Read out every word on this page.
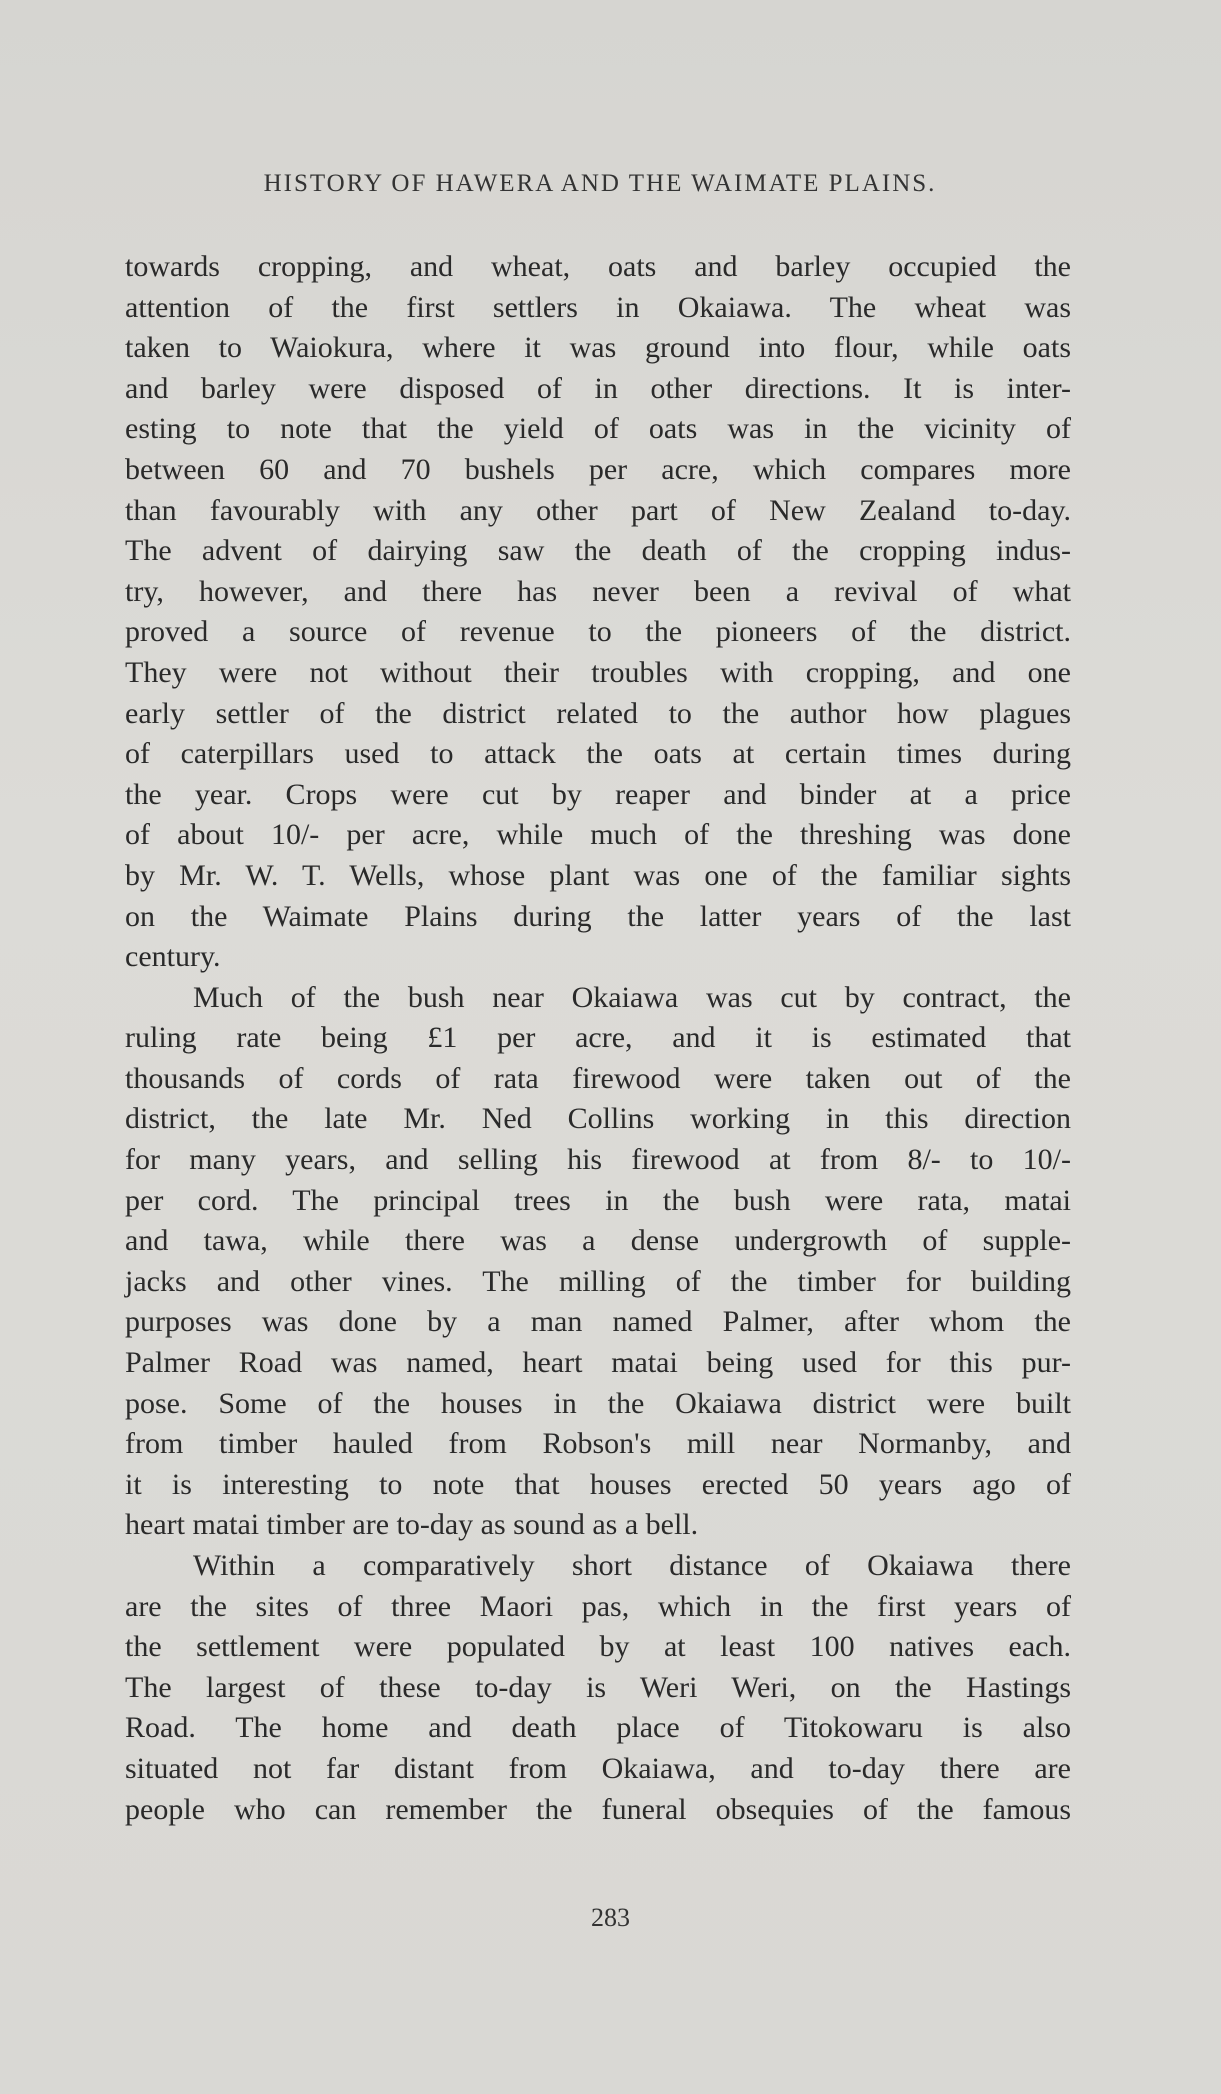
HISTORY OF HAWERA AND THE WAIMATE PLAINS.
towards cropping, and wheat, oats and barley occupied the
attention of the first settlers in Okaiawa. The wheat was
taken to Waiokura, where it was ground into flour, while oats
and barley were disposed of in other directions. It is inter-
esting to note that the yield of oats was in the vicinity of
between 60 and 70 bushels per acre, which compares more
than favourably with any other part of New Zealand to-day.
The advent of dairying saw the death of the cropping indus-
try, however, and there has never been a revival of what
proved a source of revenue to the pioneers of the district.
They were not without their troubles with cropping, and one
early settler of the district related to the author how plagues
of caterpillars used to attack the oats at certain times during
the year. Crops were cut by reaper and binder at a price
of about 10/- per acre, while much of the threshing was done
by Mr. W. T. Wells, whose plant was one of the familiar sights
on the Waimate Plains during the latter years of the last
century.
Much of the bush near Okaiawa was cut by contract, the
ruling rate being £1 per acre, and it is estimated that
thousands of cords of rata firewood were taken out of the
district, the late Mr. Ned Collins working in this direction
for many years, and selling his firewood at from 8/- to 10/-
per cord. The principal trees in the bush were rata, matai
and tawa, while there was a dense undergrowth of supple-
jacks and other vines. The milling of the timber for building
purposes was done by a man named Palmer, after whom the
Palmer Road was named, heart matai being used for this pur-
pose. Some of the houses in the Okaiawa district were built
from timber hauled from Robson's mill near Normanby, and
it is interesting to note that houses erected 50 years ago of
heart matai timber are to-day as sound as a bell.
Within a comparatively short distance of Okaiawa there
are the sites of three Maori pas, which in the first years of
the settlement were populated by at least 100 natives each.
The largest of these to-day is Weri Weri, on the Hastings
Road. The home and death place of Titokowaru is also
situated not far distant from Okaiawa, and to-day there are
people who can remember the funeral obsequies of the famous
283
